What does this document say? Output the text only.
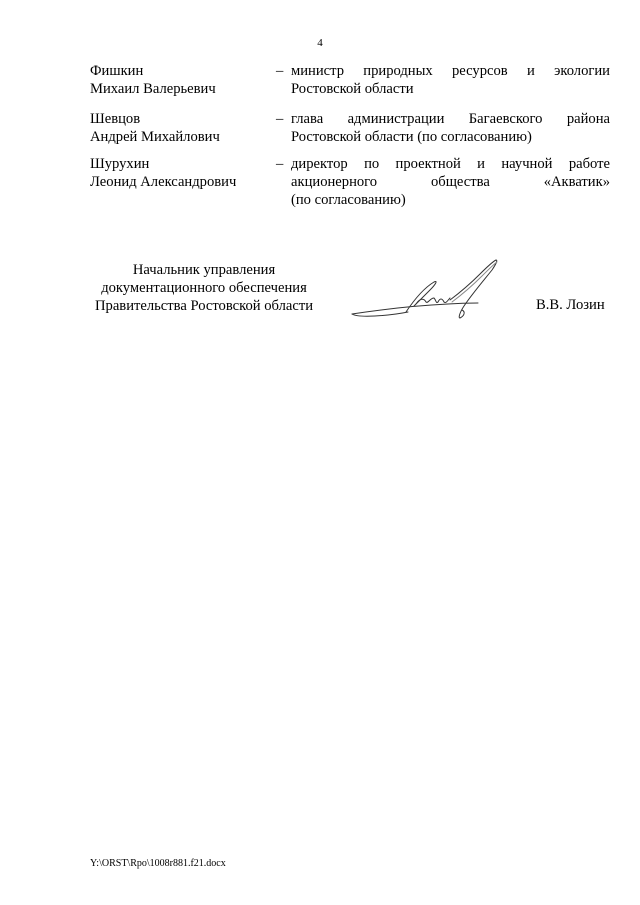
4
Фишкин
Михаил Валерьевич
– министр природных ресурсов и экологии
Ростовской области
Шевцов
Андрей Михайлович
– глава администрации Багаевского района
Ростовской области (по согласованию)
Шурухин
Леонид Александрович
– директор по проектной и научной работе
акционерного общества «Акватик»
(по согласованию)
Начальник управления
документационного обеспечения
Правительства Ростовской области	В.В. Лозин
Y:\ORST\Rpo\1008r881.f21.docx
